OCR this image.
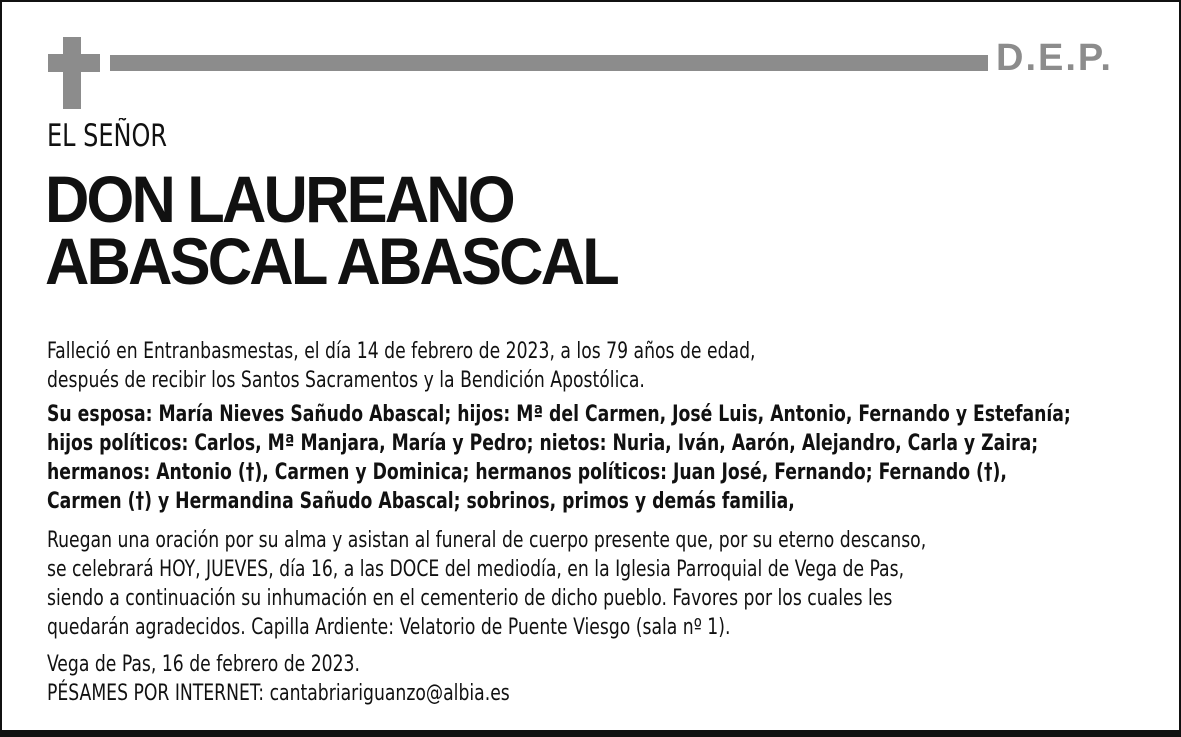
D.E.P.
EL SEÑOR
DON LAUREANO
ABASCAL ABASCAL
Falleció en Entranbasmestas, el día 14 de febrero de 2023, a los 79 años de edad,
después de recibir los Santos Sacramentos y la Bendición Apostólica.
Su esposa: María Nieves Sañudo Abascal; hijos: Mª del Carmen, José Luis, Antonio, Fernando y Estefanía;
hijos políticos: Carlos, Mª Manjara, María y Pedro; nietos: Nuria, Iván, Aarón, Alejandro, Carla y Zaira;
hermanos: Antonio (†), Carmen y Dominica; hermanos políticos: Juan José, Fernando; Fernando (†),
Carmen (†) y Hermandina Sañudo Abascal; sobrinos, primos y demás familia,
Ruegan una oración por su alma y asistan al funeral de cuerpo presente que, por su eterno descanso,
se celebrará HOY, JUEVES, día 16, a las DOCE del mediodía, en la Iglesia Parroquial de Vega de Pas,
siendo a continuación su inhumación en el cementerio de dicho pueblo. Favores por los cuales les
quedarán agradecidos. Capilla Ardiente: Velatorio de Puente Viesgo (sala nº 1).
Vega de Pas, 16 de febrero de 2023.
PÉSAMES POR INTERNET: cantabriariguanzo@albia.es
